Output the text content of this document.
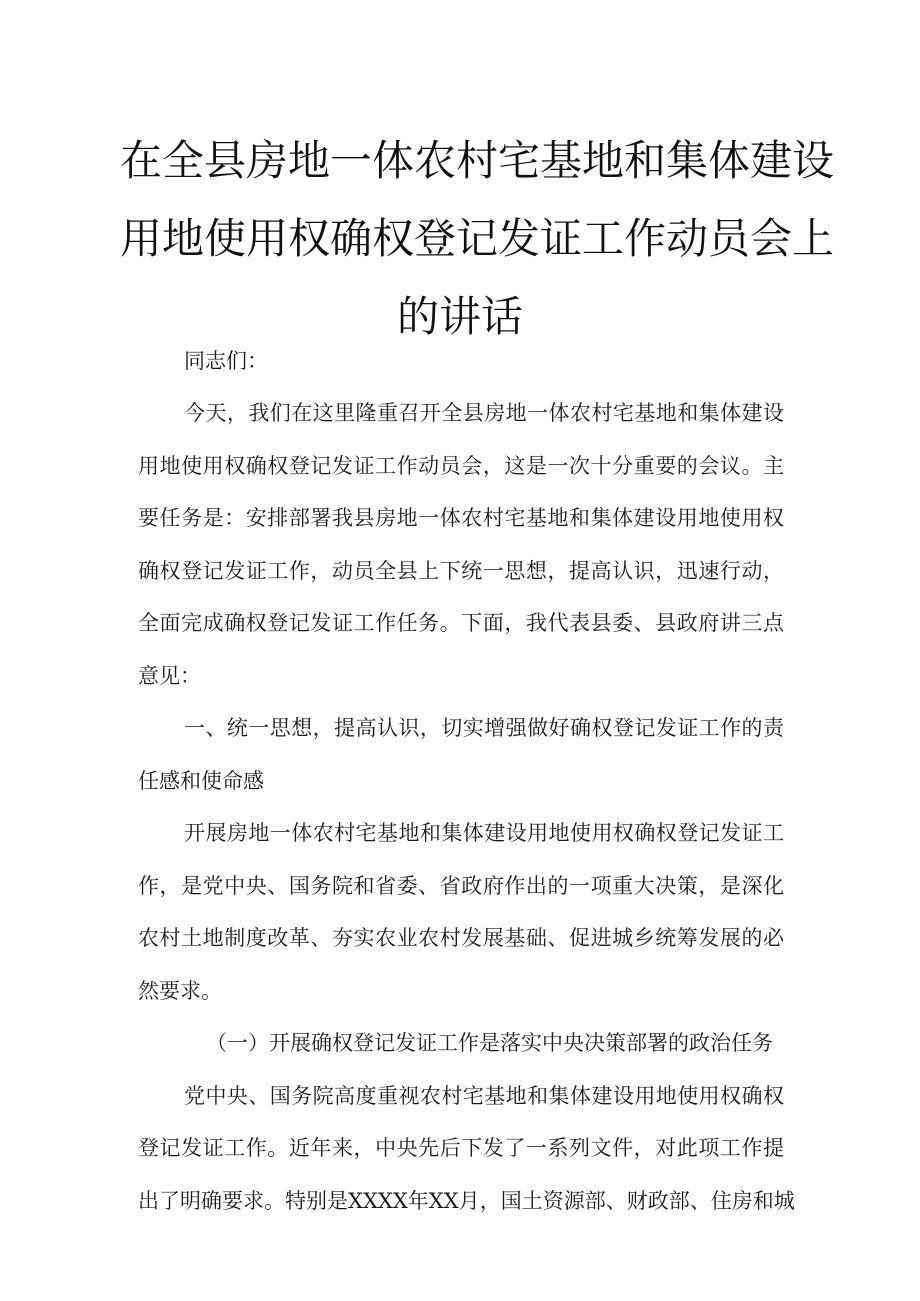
在全县房地一体农村宅基地和集体建设
用地使用权确权登记发证工作动员会上
的讲话
同志们：
今天，我们在这里隆重召开全县房地一体农村宅基地和集体建设
用地使用权确权登记发证工作动员会，这是一次十分重要的会议。主
要任务是：安排部署我县房地一体农村宅基地和集体建设用地使用权
确权登记发证工作，动员全县上下统一思想，提高认识，迅速行动，
全面完成确权登记发证工作任务。下面，我代表县委、县政府讲三点
意见：
一、统一思想，提高认识，切实增强做好确权登记发证工作的责
任感和使命感
开展房地一体农村宅基地和集体建设用地使用权确权登记发证工
作，是党中央、国务院和省委、省政府作出的一项重大决策，是深化
农村土地制度改革、夯实农业农村发展基础、促进城乡统筹发展的必
然要求。
（一）开展确权登记发证工作是落实中央决策部署的政治任务
党中央、国务院高度重视农村宅基地和集体建设用地使用权确权
登记发证工作。近年来，中央先后下发了一系列文件，对此项工作提
出了明确要求。特别是XXXX年XX月，国土资源部、财政部、住房和城
